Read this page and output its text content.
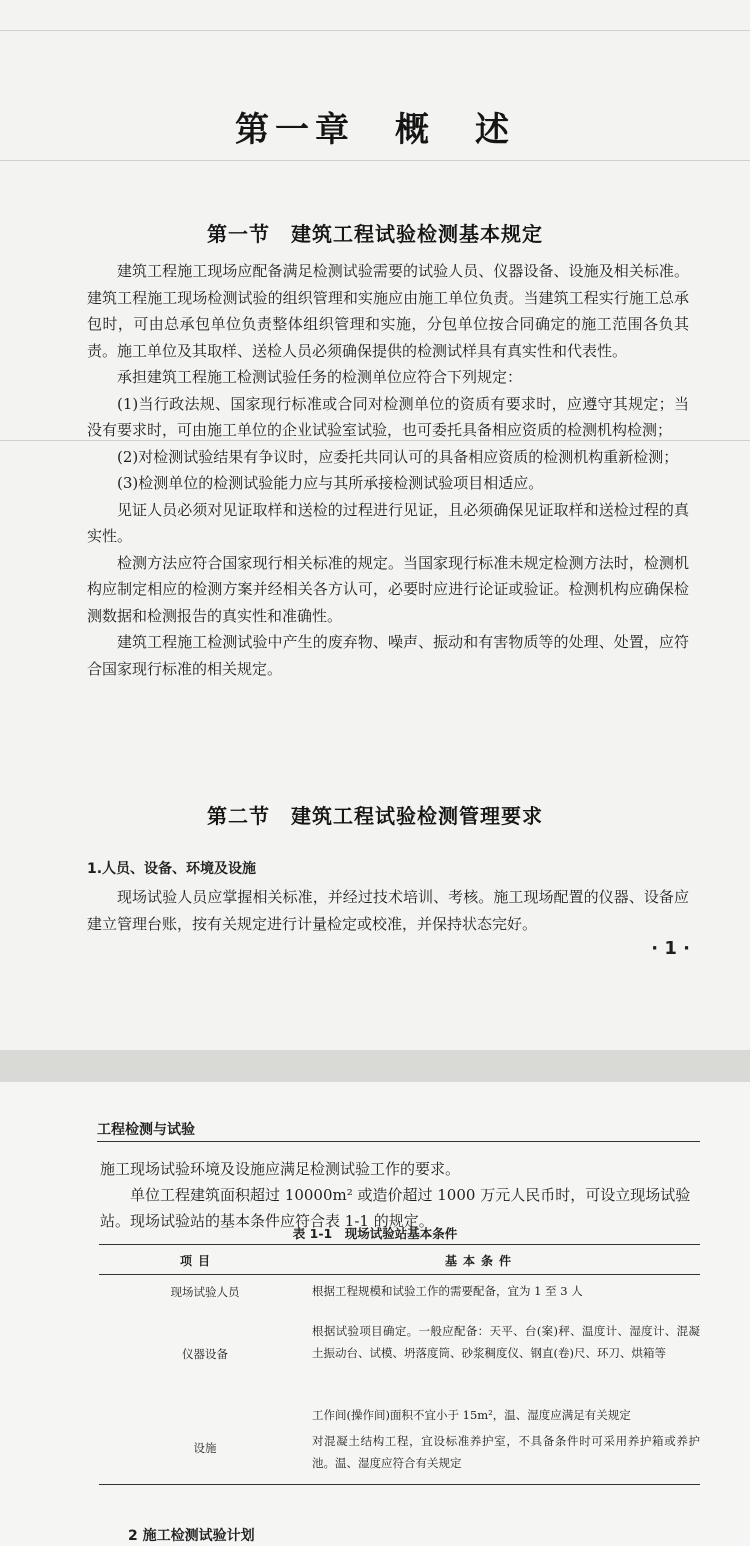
第一章　概　述
第一节　建筑工程试验检测基本规定

建筑工程施工现场应配备满足检测试验需要的试验人员、仪器设备、设施及相关标准。建筑工程施工现场检测试验的组织管理和实施应由施工单位负责。当建筑工程实行施工总承包时，可由总承包单位负责整体组织管理和实施，分包单位按合同确定的施工范围各负其责。施工单位及其取样、送检人员必须确保提供的检测试样具有真实性和代表性。

承担建筑工程施工检测试验任务的检测单位应符合下列规定：

(1)当行政法规、国家现行标准或合同对检测单位的资质有要求时，应遵守其规定；当没有要求时，可由施工单位的企业试验室试验，也可委托具备相应资质的检测机构检测；

(2)对检测试验结果有争议时，应委托共同认可的具备相应资质的检测机构重新检测；

(3)检测单位的检测试验能力应与其所承接检测试验项目相适应。

见证人员必须对见证取样和送检的过程进行见证，且必须确保见证取样和送检过程的真实性。

检测方法应符合国家现行相关标准的规定。当国家现行标准未规定检测方法时，检测机构应制定相应的检测方案并经相关各方认可，必要时应进行论证或验证。检测机构应确保检测数据和检测报告的真实性和准确性。

建筑工程施工检测试验中产生的废弃物、噪声、振动和有害物质等的处理、处置，应符合国家现行标准的相关规定。

第二节　建筑工程试验检测管理要求
1.人员、设备、环境及设施

现场试验人员应掌握相关标准，并经过技术培训、考核。施工现场配置的仪器、设备应建立管理台账，按有关规定进行计量检定或校准，并保持状态完好。

· 1 ·
工程检测与试验

施工现场试验环境及设施应满足检测试验工作的要求。

单位工程建筑面积超过 10000m² 或造价超过 1000 万元人民币时，可设立现场试验站。现场试验站的基本条件应符合表 1-1 的规定。

表 1-1　现场试验站基本条件
项目	基本条件
现场试验人员	根据工程规模和试验工作的需要配备，宜为 1 至 3 人
仪器设备
根据试验项目确定。一般应配备：天平、台(案)秤、温度计、湿度计、混凝土振动台、试模、坍落度筒、砂浆稠度仪、钢直(卷)尺、环刀、烘箱等
设施
工作间(操作间)面积不宜小于 15m²，温、湿度应满足有关规定
对混凝土结构工程，宜设标准养护室，不具备条件时可采用养护箱或养护池。温、湿度应符合有关规定
2 施工检测试验计划
